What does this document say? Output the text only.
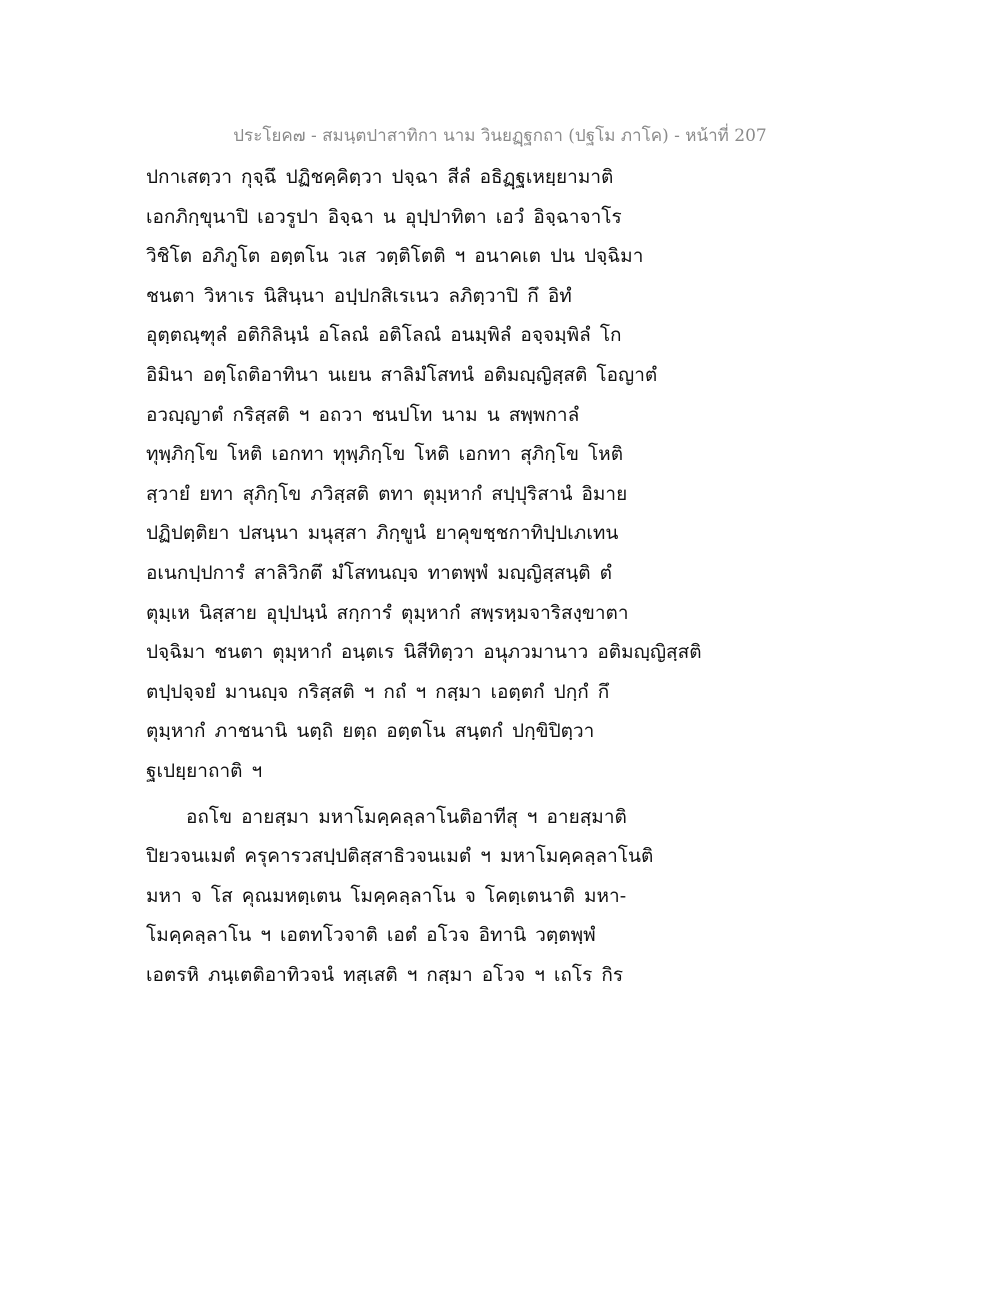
ประโยค๗ - สมนฺตปาสาทิกา นาม วินยฏฺฐกถา (ปฐโม ภาโค) - หน้าที่ 207
ปกาเสตฺวา กุจฺฉึ ปฏิชคฺคิตฺวา ปจฺฉา สีลํ อธิฏฺฐเหยฺยามาติ
เอกภิกฺขุนาปิ เอวรูปา อิจฺฉา น อุปฺปาทิตา เอวํ อิจฺฉาจาโร
วิชิโต อภิภูโต อตฺตโน วเส วตฺติโตติ ฯ อนาคเต ปน ปจฺฉิมา
ชนตา วิหาเร นิสินฺนา อปฺปกสิเรเนว ลภิตฺวาปิ กึ อิทํ
อุตฺตณฺฑุลํ อติกิลินฺนํ อโลณํ อติโลณํ อนมฺพิลํ อจฺจมฺพิลํ โก
อิมินา อตฺโถติอาทินา นเยน สาลิมํโสทนํ อติมญฺญิสฺสติ โอญาตํ
อวญฺญาตํ กริสฺสติ ฯ อถวา ชนปโท นาม น สพฺพกาลํ
ทุพฺภิกฺโข โหติ เอกทา ทุพฺภิกฺโข โหติ เอกทา สุภิกฺโข โหติ
สฺวายํ ยทา สุภิกฺโข ภวิสฺสติ ตทา ตุมฺหากํ สปฺปุริสานํ อิมาย
ปฏิปตฺติยา ปสนฺนา มนุสฺสา ภิกฺขูนํ ยาคุขชฺชกาทิปฺปเภเทน
อเนกปฺปการํ สาลิวิกตึ มํโสทนญฺจ ทาตพฺพํ มญฺญิสฺสนฺติ ตํ
ตุมฺเห นิสฺสาย อุปฺปนฺนํ สกฺการํ ตุมฺหากํ สพฺรหฺมจาริสงฺขาตา
ปจฺฉิมา ชนตา ตุมฺหากํ อนฺตเร นิสีทิตฺวา อนุภวมานาว อติมญฺญิสฺสติ
ตปฺปจฺจยํ มานญฺจ กริสฺสติ ฯ กถํ ฯ กสฺมา เอตฺตกํ ปกฺกํ กึ
ตุมฺหากํ ภาชนานิ นตฺถิ ยตฺถ อตฺตโน สนฺตกํ ปกฺขิปิตฺวา
ฐเปยฺยาถาติ ฯ
อถโข อายสฺมา มหาโมคฺคลฺลาโนติอาทีสุ ฯ อายสฺมาติ
ปิยวจนเมตํ ครุคารวสปฺปติสฺสาธิวจนเมตํ ฯ มหาโมคฺคลฺลาโนติ
มหา จ โส คุณมหตฺเตน โมคฺคลฺลาโน จ โคตฺเตนาติ มหา-
โมคฺคลฺลาโน ฯ เอตทโวจาติ เอตํ อโวจ อิทานิ วตฺตพฺพํ
เอตรหิ ภนฺเตติอาทิวจนํ ทสฺเสติ ฯ กสฺมา อโวจ ฯ เถโร กิร
